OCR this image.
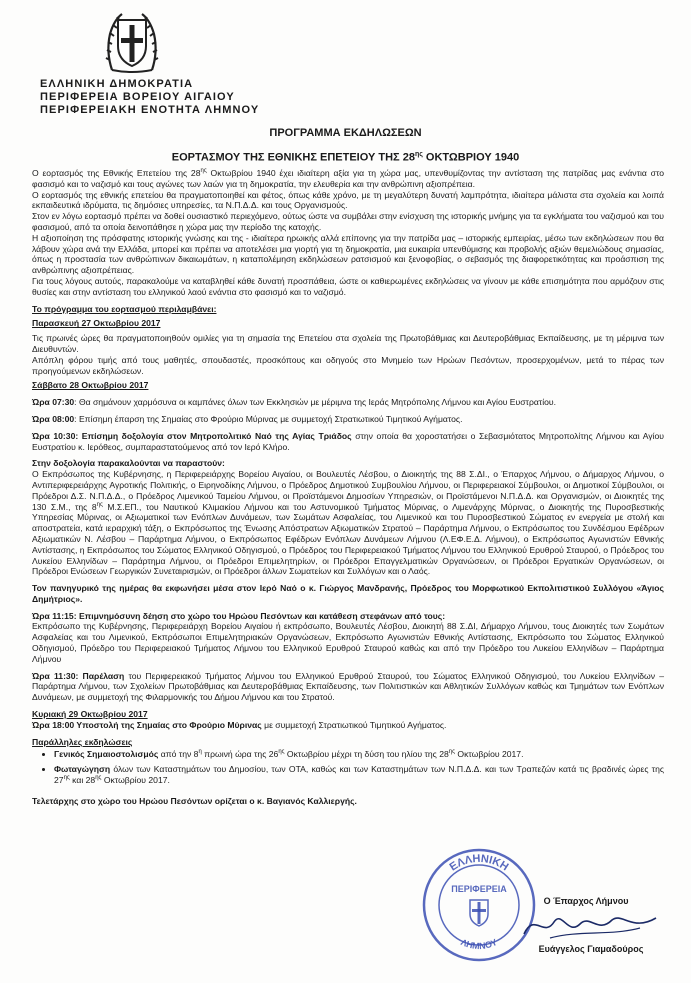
ΕΛΛΗΝΙΚΗ ΔΗΜΟΚΡΑΤΙΑ
ΠΕΡΙΦΕΡΕΙΑ ΒΟΡΕΙΟΥ ΑΙΓΑΙΟΥ
ΠΕΡΙΦΕΡΕΙΑΚΗ ΕΝΟΤΗΤΑ ΛΗΜΝΟΥ
ΠΡΟΓΡΑΜΜΑ ΕΚΔΗΛΩΣΕΩΝ
ΕΟΡΤΑΣΜΟΥ ΤΗΣ ΕΘΝΙΚΗΣ ΕΠΕΤΕΙΟΥ ΤΗΣ $28^{\eta\varsigma}$ ΟΚΤΩΒΡΙΟΥ 1940

Ο εορτασμός της Εθνικής Επετείου της $28^{\eta\varsigma}$ Οκτωβρίου 1940 έχει ιδιαίτερη αξία για τη χώρα μας, υπενθυμίζοντας την αντίσταση της πατρίδας μας ενάντια στο φασισμό και το ναζισμό και τους αγώνες των λαών για τη δημοκρατία, την ελευθερία και την ανθρώπινη αξιοπρέπεια.

Ο εορτασμός της εθνικής επετείου θα πραγματοποιηθεί και φέτος, όπως κάθε χρόνο, με τη μεγαλύτερη δυνατή λαμπρότητα, ιδιαίτερα μάλιστα στα σχολεία και λοιπά εκπαιδευτικά ιδρύματα, τις δημόσιες υπηρεσίες, τα Ν.Π.Δ.Δ. και τους Οργανισμούς.

Στον εν λόγω εορτασμό πρέπει να δοθεί ουσιαστικό περιεχόμενο, ούτως ώστε να συμβάλει στην ενίσχυση της ιστορικής μνήμης για τα εγκλήματα του ναζισμού και του φασισμού, από τα οποία δεινοπάθησε η χώρα μας την περίοδο της κατοχής.

Η αξιοποίηση της πρόσφατης ιστορικής γνώσης και της - ιδιαίτερα ηρωικής αλλά επίπονης για την πατρίδα μας – ιστορικής εμπειρίας, μέσω των εκδηλώσεων που θα λάβουν χώρα ανά την Ελλάδα, μπορεί και πρέπει να αποτελέσει μια γιορτή για τη δημοκρατία, μια ευκαιρία υπενθύμισης και προβολής αξιών θεμελιώδους σημασίας, όπως η προστασία των ανθρώπινων δικαιωμάτων, η καταπολέμηση εκδηλώσεων ρατσισμού και ξενοφοβίας, ο σεβασμός της διαφορετικότητας και προάσπιση της ανθρώπινης αξιοπρέπειας.

Για τους λόγους αυτούς, παρακαλούμε να καταβληθεί κάθε δυνατή προσπάθεια, ώστε οι καθιερωμένες εκδηλώσεις να γίνουν με κάθε επισημότητα που αρμόζουν στις θυσίες και στην αντίσταση του ελληνικού λαού ενάντια στο φασισμό και το ναζισμό.

Το πρόγραμμα του εορτασμού περιλαμβάνει:

Παρασκευή 27 Οκτωβρίου 2017

Τις πρωινές ώρες θα πραγματοποιηθούν ομιλίες για τη σημασία της Επετείου στα σχολεία της Πρωτοβάθμιας και Δευτεροβάθμιας Εκπαίδευσης, με τη μέριμνα των Διευθυντών.

Απόπλη φόρου τιμής από τους μαθητές, σπουδαστές, προσκόπους και οδηγούς στο Μνημείο των Ηρώων Πεσόντων, προσερχομένων, μετά το πέρας των προηγούμενων εκδηλώσεων.

Σάββατο 28 Οκτωβρίου 2017

Ώρα 07:30: Θα σημάνουν χαρμόσυνα οι καμπάνες όλων των Εκκλησιών με μέριμνα της Ιεράς Μητρόπολης Λήμνου και Αγίου Ευστρατίου.

Ώρα 08:00: Επίσημη έπαρση της Σημαίας στο Φρούριο Μύρινας με συμμετοχή Στρατιωτικού Τιμητικού Αγήματος.

Ώρα 10:30: Επίσημη δοξολογία στον Μητροπολιτικό Ναό της Αγίας Τριάδος στην οποία θα χοροστατήσει ο Σεβασμιότατος Μητροπολίτης Λήμνου και Αγίου Ευστρατίου κ. Ιερόθεος, συμπαραστατούμενος από τον Ιερό Κλήρο.

Στην δοξολογία παρακαλούνται να παραστούν:

Ο Εκπρόσωπος της Κυβέρνησης, η Περιφερειάρχης Βορείου Αιγαίου, οι Βουλευτές Λέσβου, ο Διοικητής της 88 Σ.ΔΙ., ο Έπαρχος Λήμνου, ο Δήμαρχος Λήμνου, ο Αντιπεριφερειάρχης Αγροτικής Πολιτικής, ο Ειρηνοδίκης Λήμνου, ο Πρόεδρος Δημοτικού Συμβουλίου Λήμνου, οι Περιφερειακοί Σύμβουλοι, οι Δημοτικοί Σύμβουλοι, οι Πρόεδροι Δ.Σ. Ν.Π.Δ.Δ., ο Πρόεδρος Λιμενικού Ταμείου Λήμνου, οι Προϊστάμενοι Δημοσίων Υπηρεσιών, οι Προϊστάμενοι Ν.Π.Δ.Δ. και Οργανισμών, οι Διοικητές της 130 Σ.Μ., της $8^{\eta\varsigma}$ Μ.Σ.ΕΠ., του Ναυτικού Κλιμακίου Λήμνου και του Αστυνομικού Τμήματος Μύρινας, ο Λιμενάρχης Μύρινας, ο Διοικητής της Πυροσβεστικής Υπηρεσίας Μύρινας, οι Αξιωματικοί των Ενόπλων Δυνάμεων, των Σωμάτων Ασφαλείας, του Λιμενικού και του Πυροσβεστικού Σώματος εν ενεργεία με στολή και αποστρατεία, κατά ιεραρχική τάξη, ο Εκπρόσωπος της Ένωσης Απόστρατων Αξιωματικών Στρατού – Παράρτημα Λήμνου, ο Εκπρόσωπος του Συνδέσμου Εφέδρων Αξιωματικών Ν. Λέσβου – Παράρτημα Λήμνου, ο Εκπρόσωπος Εφέδρων Ενόπλων Δυνάμεων Λήμνου (Λ.ΕΦ.Ε.Δ. Λήμνου), ο Εκπρόσωπος Αγωνιστών Εθνικής Αντίστασης, η Εκπρόσωπος του Σώματος Ελληνικού Οδηγισμού, ο Πρόεδρος του Περιφερειακού Τμήματος Λήμνου του Ελληνικού Ερυθρού Σταυρού, ο Πρόεδρος του Λυκείου Ελληνίδων – Παράρτημα Λήμνου, οι Πρόεδροι Επιμελητηρίων, οι Πρόεδροι Επαγγελματικών Οργανώσεων, οι Πρόεδροι Εργατικών Οργανώσεων, οι Πρόεδροι Ενώσεων Γεωργικών Συνεταιρισμών, οι Πρόεδροι άλλων Σωματείων και Συλλόγων και ο Λαός.

Τον πανηγυρικό της ημέρας θα εκφωνήσει μέσα στον Ιερό Ναό ο κ. Γιώργος Μανδρανής, Πρόεδρος του Μορφωτικού Εκπολιτιστικού Συλλόγου «Άγιος Δημήτριος».

Ώρα 11:15: Επιμνημόσυνη δέηση στο χώρο του Ηρώου Πεσόντων και κατάθεση στεφάνων από τους:

Εκπρόσωπο της Κυβέρνησης, Περιφερειάρχη Βορείου Αιγαίου ή εκπρόσωπο, Βουλευτές Λέσβου, Διοικητή 88 Σ.ΔΙ, Δήμαρχο Λήμνου, τους Διοικητές των Σωμάτων Ασφαλείας και του Λιμενικού, Εκπρόσωποι Επιμελητηριακών Οργανώσεων, Εκπρόσωπο Αγωνιστών Εθνικής Αντίστασης, Εκπρόσωπο του Σώματος Ελληνικού Οδηγισμού, Πρόεδρο του Περιφερειακού Τμήματος Λήμνου του Ελληνικού Ερυθρού Σταυρού καθώς και από την Πρόεδρο του Λυκείου Ελληνίδων – Παράρτημα Λήμνου

Ώρα 11:30: Παρέλαση του Περιφερειακού Τμήματος Λήμνου του Ελληνικού Ερυθρού Σταυρού, του Σώματος Ελληνικού Οδηγισμού, του Λυκείου Ελληνίδων – Παράρτημα Λήμνου, των Σχολείων Πρωτοβάθμιας και Δευτεροβάθμιας Εκπαίδευσης, των Πολιτιστικών και Αθλητικών Συλλόγων καθώς και Τμημάτων των Ενόπλων Δυνάμεων, με συμμετοχή της Φιλαρμονικής του Δήμου Λήμνου και του Στρατού.

Κυριακή 29 Οκτωβρίου 2017

Ώρα 18:00 Υποστολή της Σημαίας στο Φρούριο Μύρινας με συμμετοχή Στρατιωτικού Τιμητικού Αγήματος.

Παράλληλες εκδηλώσεις

• Γενικός Σημαιοστολισμός από την $8^\eta$ πρωινή ώρα της $26^{\eta\varsigma}$ Οκτωβρίου μέχρι τη δύση του ηλίου της $28^{\eta\varsigma}$ Οκτωβρίου 2017.
• Φωταγώγηση όλων των Καταστημάτων του Δημοσίου, των ΟΤΑ, καθώς και των Καταστημάτων των Ν.Π.Δ.Δ. και των Τραπεζών κατά τις βραδινές ώρες της $27^{\eta\varsigma}$ και $28^{\eta\varsigma}$ Οκτωβρίου 2017.

Τελετάρχης στο χώρο του Ηρώου Πεσόντων ορίζεται ο κ. Βαγιανός Καλλιεργής.

ΕΛΛΗΝΙΚΗ
ΛΗΜΝΟΥ
ΠΕΡΙΦΕΡΕΙΑ
Ο Έπαρχος Λήμνου
Ευάγγελος Γιαμαδούρος
